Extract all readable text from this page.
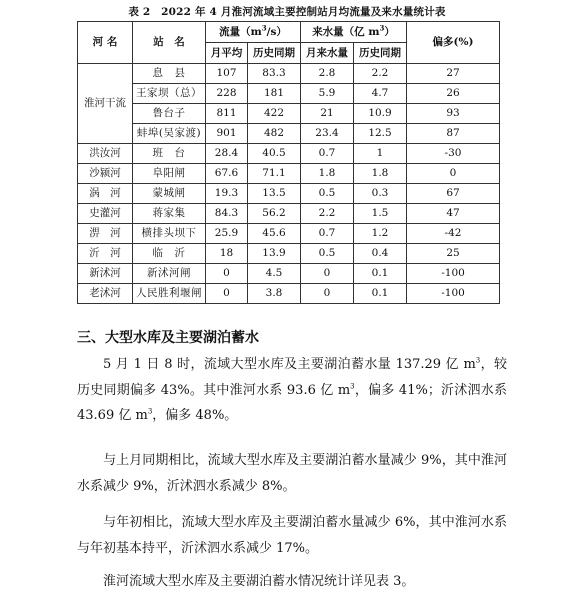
表 2　2022 年 4 月淮河流域主要控制站月均流量及来水量统计表
河 名	站　名	流量$(m^3/s)$		来水量（亿 $m^3$）		偏多(%)
		月平均	历史同期	月来水量	历史同期	
淮河干流	息　县	107	83.3	2.8	2.2	27
	王家坝（总）	228	181	5.9	4.7	26
	鲁台子	811	422	21	10.9	93
	蚌埠(吴家渡)	901	482	23.4	12.5	87
洪汝河	班　台	28.4	40.5	0.7	1	-30
沙颍河	阜阳闸	67.6	71.1	1.8	1.8	0
涡　河	蒙城闸	19.3	13.5	0.5	0.3	67
史灌河	蒋家集	84.3	56.2	2.2	1.5	47
淠　河	横排头坝下	25.9	45.6	0.7	1.2	-42
沂　河	临　沂	18	13.9	0.5	0.4	25
新沭河	新沭河闸	0	4.5	0	0.1	-100
老沭河	人民胜利堰闸	0	3.8	0	0.1	-100
三、大型水库及主要湖泊蓄水

5 月 1 日 8 时，流域大型水库及主要湖泊蓄水量 137.29 亿 $m^3$，较历史同期偏多 43%。其中淮河水系 93.6 亿 $m^3$，偏多 41%；沂沭泗水系 43.69 亿 $m^3$，偏多 48%。

与上月同期相比，流域大型水库及主要湖泊蓄水量减少 9%，其中淮河水系减少 9%，沂沭泗水系减少 8%。

与年初相比，流域大型水库及主要湖泊蓄水量减少 6%，其中淮河水系与年初基本持平，沂沭泗水系减少 17%。

淮河流域大型水库及主要湖泊蓄水情况统计详见表 3。
